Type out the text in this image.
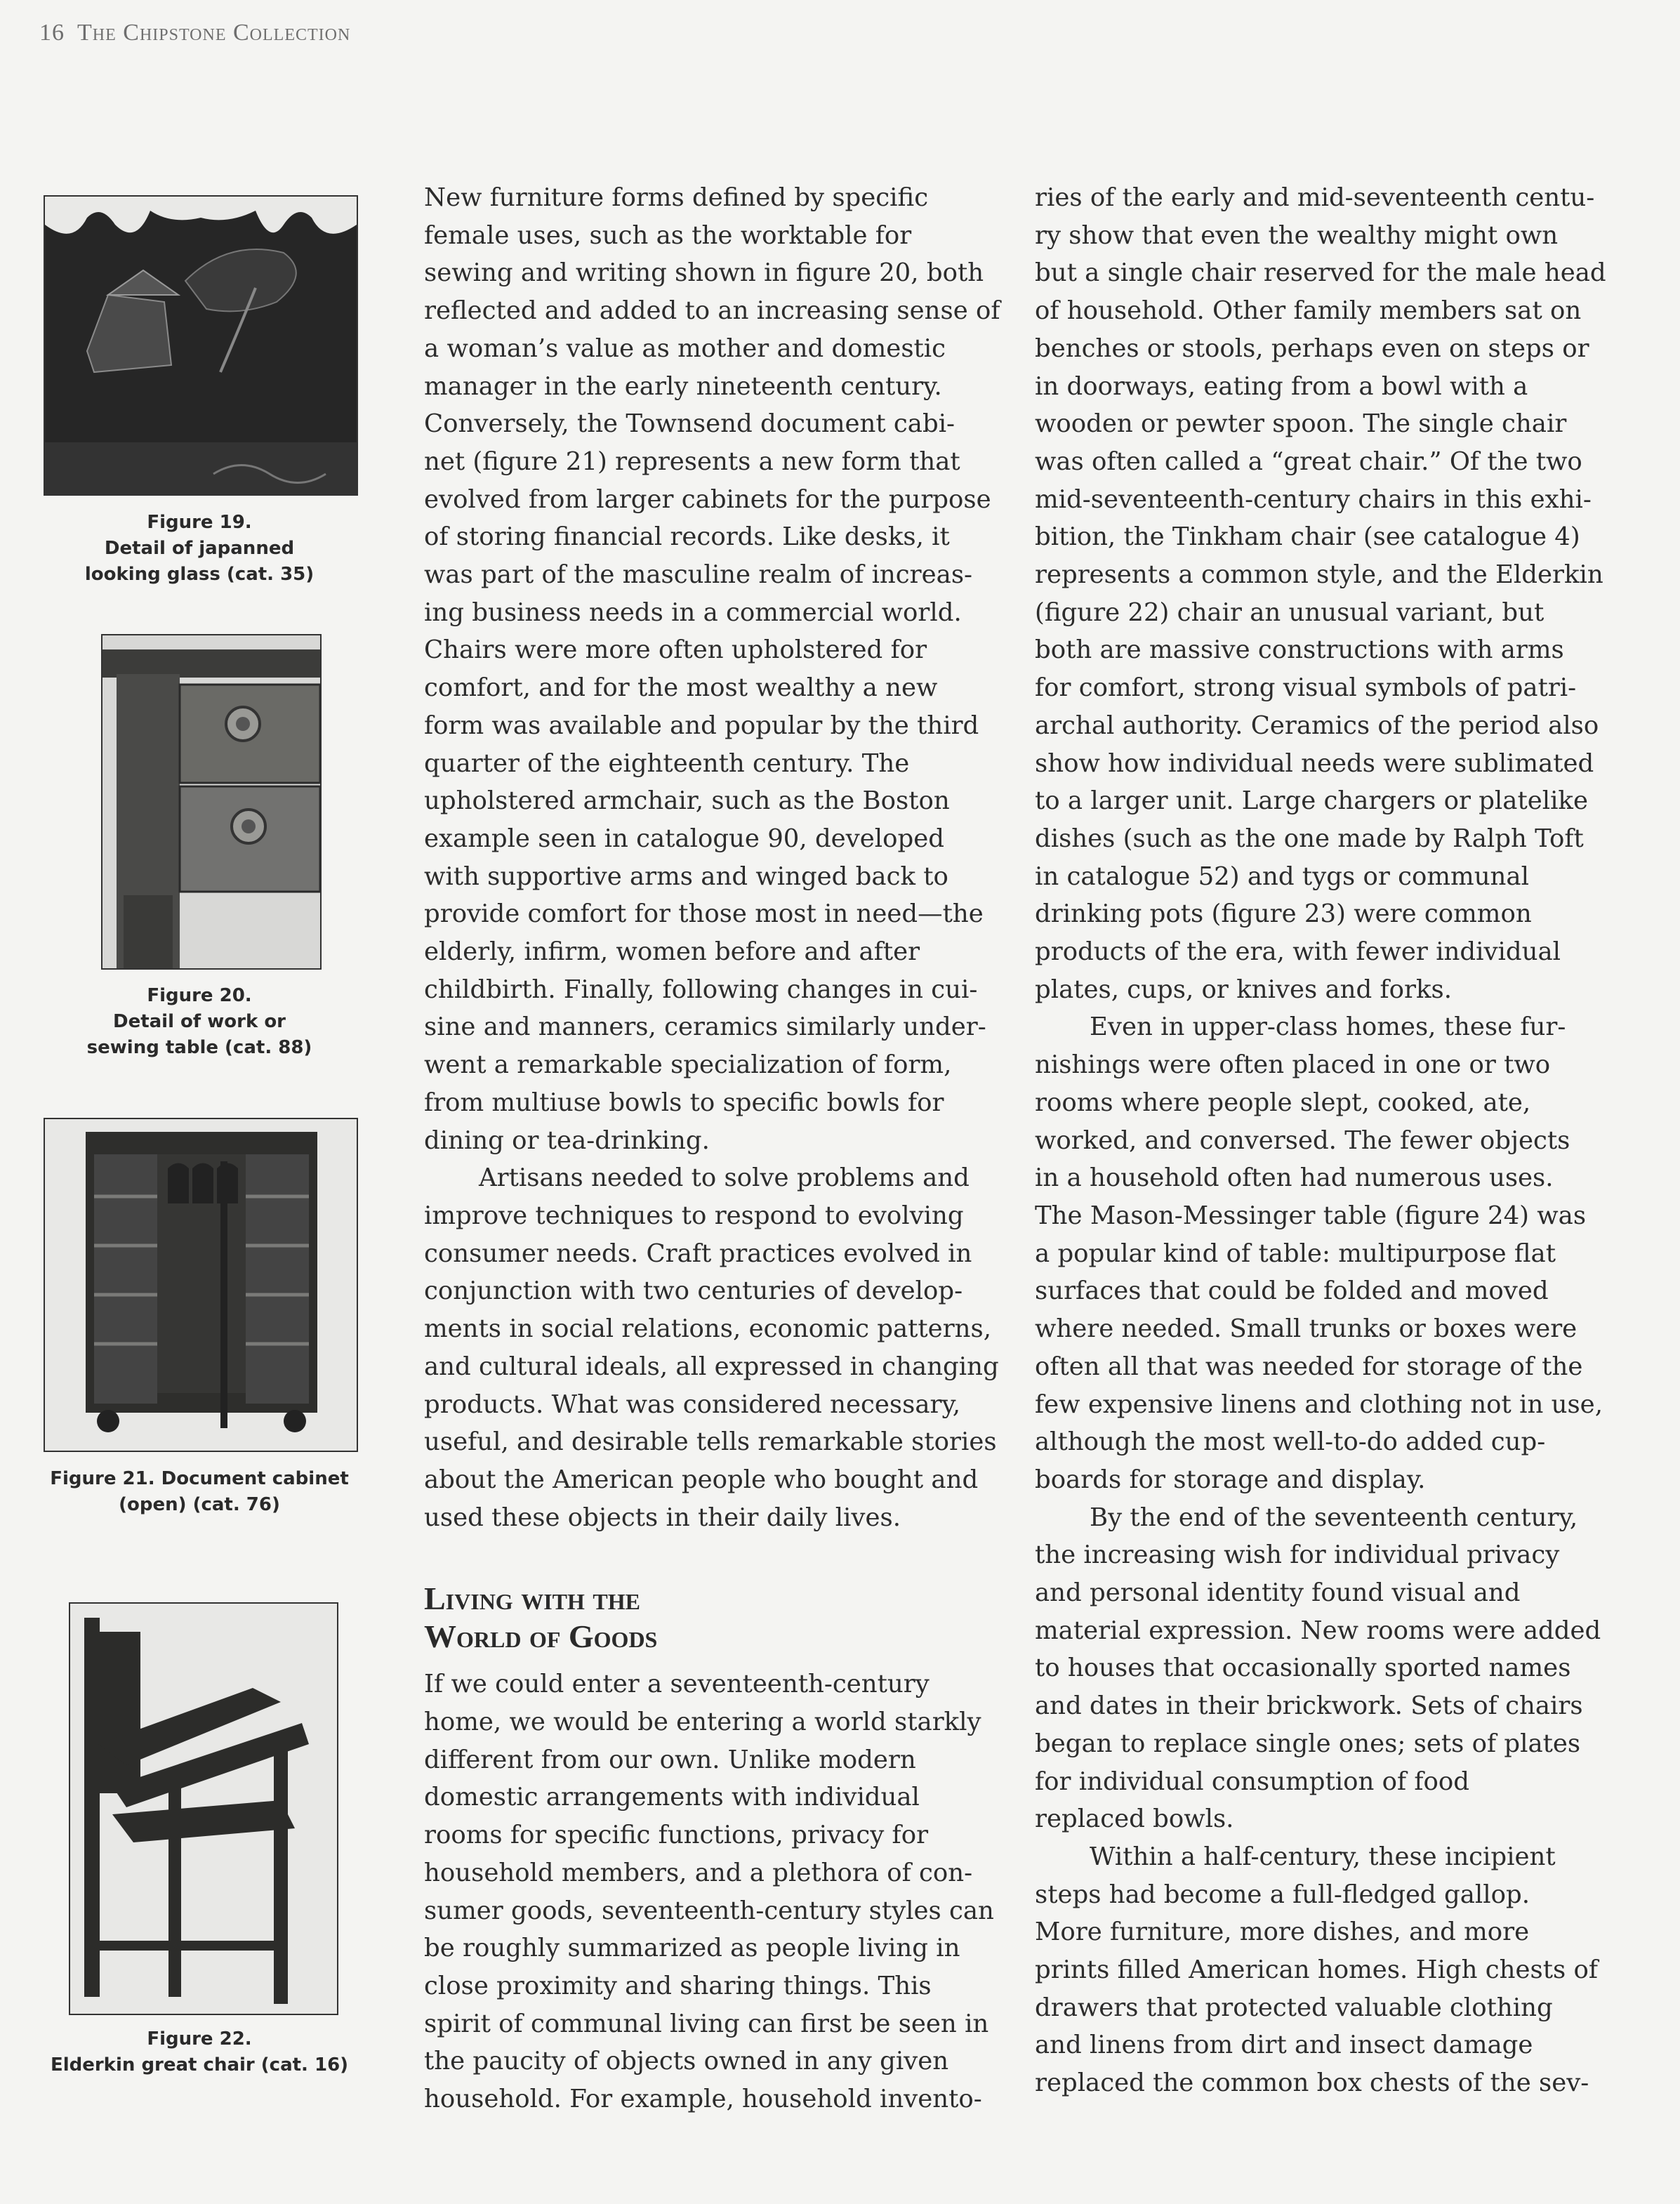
16 The Chipstone Collection
Figure 19.
Detail of japanned
looking glass (cat. 35)
Figure 20.
Detail of work or
sewing table (cat. 88)
Figure 21. Document cabinet
(open) (cat. 76)
Figure 22.
Elderkin great chair (cat. 16)

New furniture forms defined by specific
female uses, such as the worktable for
sewing and writing shown in figure 20, both
reflected and added to an increasing sense of
a woman’s value as mother and domestic
manager in the early nineteenth century.
Conversely, the Townsend document cabi-
net (figure 21) represents a new form that
evolved from larger cabinets for the purpose
of storing financial records. Like desks, it
was part of the masculine realm of increas-
ing business needs in a commercial world.
Chairs were more often upholstered for
comfort, and for the most wealthy a new
form was available and popular by the third
quarter of the eighteenth century. The
upholstered armchair, such as the Boston
example seen in catalogue 90, developed
with supportive arms and winged back to
provide comfort for those most in need—the
elderly, infirm, women before and after
childbirth. Finally, following changes in cui-
sine and manners, ceramics similarly under-
went a remarkable specialization of form,
from multiuse bowls to specific bowls for
dining or tea-drinking.

Artisans needed to solve problems and
improve techniques to respond to evolving
consumer needs. Craft practices evolved in
conjunction with two centuries of develop-
ments in social relations, economic patterns,
and cultural ideals, all expressed in changing
products. What was considered necessary,
useful, and desirable tells remarkable stories
about the American people who bought and
used these objects in their daily lives.

Living with the
World of Goods

If we could enter a seventeenth-century
home, we would be entering a world starkly
different from our own. Unlike modern
domestic arrangements with individual
rooms for specific functions, privacy for
household members, and a plethora of con-
sumer goods, seventeenth-century styles can
be roughly summarized as people living in
close proximity and sharing things. This
spirit of communal living can first be seen in
the paucity of objects owned in any given
household. For example, household invento-

ries of the early and mid-seventeenth centu-
ry show that even the wealthy might own
but a single chair reserved for the male head
of household. Other family members sat on
benches or stools, perhaps even on steps or
in doorways, eating from a bowl with a
wooden or pewter spoon. The single chair
was often called a “great chair.” Of the two
mid-seventeenth-century chairs in this exhi-
bition, the Tinkham chair (see catalogue 4)
represents a common style, and the Elderkin
(figure 22) chair an unusual variant, but
both are massive constructions with arms
for comfort, strong visual symbols of patri-
archal authority. Ceramics of the period also
show how individual needs were sublimated
to a larger unit. Large chargers or platelike
dishes (such as the one made by Ralph Toft
in catalogue 52) and tygs or communal
drinking pots (figure 23) were common
products of the era, with fewer individual
plates, cups, or knives and forks.

Even in upper-class homes, these fur-
nishings were often placed in one or two
rooms where people slept, cooked, ate,
worked, and conversed. The fewer objects
in a household often had numerous uses.
The Mason-Messinger table (figure 24) was
a popular kind of table: multipurpose flat
surfaces that could be folded and moved
where needed. Small trunks or boxes were
often all that was needed for storage of the
few expensive linens and clothing not in use,
although the most well-to-do added cup-
boards for storage and display.

By the end of the seventeenth century,
the increasing wish for individual privacy
and personal identity found visual and
material expression. New rooms were added
to houses that occasionally sported names
and dates in their brickwork. Sets of chairs
began to replace single ones; sets of plates
for individual consumption of food
replaced bowls.

Within a half-century, these incipient
steps had become a full-fledged gallop.
More furniture, more dishes, and more
prints filled American homes. High chests of
drawers that protected valuable clothing
and linens from dirt and insect damage
replaced the common box chests of the sev-
